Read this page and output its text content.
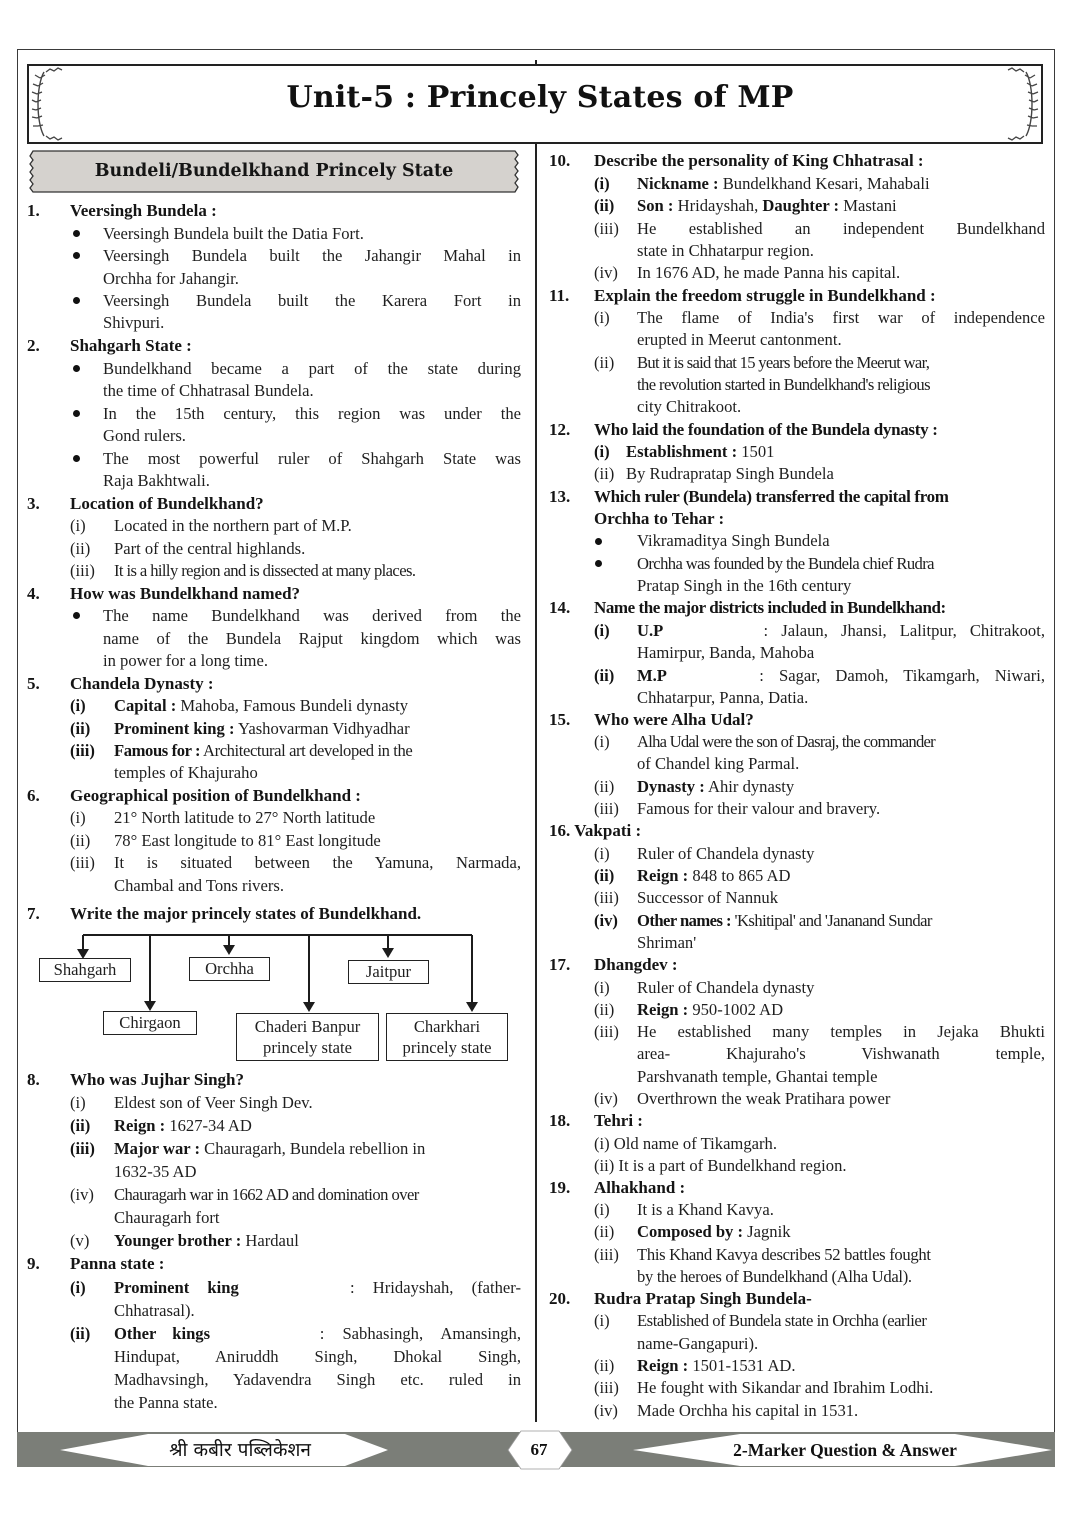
Unit-5 : Princely States of MP
Bundeli/Bundelkhand Princely State
1. Veersingh Bundela :
Veersingh Bundela built the Datia Fort.
Veersingh Bundela built the Jahangir Mahal in
Orchha for Jahangir.
Veersingh Bundela built the Karera Fort in
Shivpuri.
2. Shahgarh State :
Bundelkhand became a part of the state during
the time of Chhatrasal Bundela.
In the 15th century, this region was under the
Gond rulers.
The most powerful ruler of Shahgarh State was
Raja Bakhtwali.
3. Location of Bundelkhand?
(i) Located in the northern part of M.P.
(ii) Part of the central highlands.
(iii) It is a hilly region and is dissected at many places.
4. How was Bundelkhand named?
The name Bundelkhand was derived from the
name of the Bundela Rajput kingdom which was
in power for a long time.
5. Chandela Dynasty :
(i) Capital : Mahoba, Famous Bundeli dynasty
(ii) Prominent king : Yashovarman Vidhyadhar
(iii) Famous for : Architectural art developed in the
temples of Khajuraho
6. Geographical position of Bundelkhand :
(i) 21° North latitude to 27° North latitude
(ii) 78° East longitude to 81° East longitude
(iii) It is situated between the Yamuna, Narmada,
Chambal and Tons rivers.
7. Write the major princely states of Bundelkhand.
Shahgarh	Orchha	Jaitpur
Chirgaon	Chaderi Banpur
princely state
Charkhari
princely state
8. Who was Jujhar Singh?
(i) Eldest son of Veer Singh Dev.
(ii) Reign : 1627-34 AD
(iii) Major war : Chauragarh, Bundela rebellion in
1632-35 AD
(iv) Chauragarh war in 1662 AD and domination over
Chauragarh fort
(v) Younger brother : Hardaul
9. Panna state :
(i) Prominent king	: Hridayshah, (father-
Chhatrasal).
(ii) Other kings	: Sabhasingh, Amansingh,
Hindupat, Aniruddh Singh, Dhokal Singh,
Madhavsingh, Yadavendra Singh etc. ruled in
the Panna state.
10. Describe the personality of King Chhatrasal :
(i) Nickname : Bundelkhand Kesari, Mahabali
(ii) Son : Hridayshah, Daughter : Mastani
(iii) He established an independent Bundelkhand
state in Chhatarpur region.
(iv) In 1676 AD, he made Panna his capital.
11. Explain the freedom struggle in Bundelkhand :
(i) The flame of India's first war of independence
erupted in Meerut cantonment.
(ii) But it is said that 15 years before the Meerut war,
the revolution started in Bundelkhand's religious
city Chitrakoot.
12. Who laid the foundation of the Bundela dynasty :
(i) Establishment : 1501
(ii) By Rudrapratap Singh Bundela
13. Which ruler (Bundela) transferred the capital from
Orchha to Tehar :
Vikramaditya Singh Bundela
Orchha was founded by the Bundela chief Rudra
Pratap Singh in the 16th century
14. Name the major districts included in Bundelkhand:
(i) U.P	: Jalaun, Jhansi, Lalitpur, Chitrakoot,
Hamirpur, Banda, Mahoba
(ii) M.P	: Sagar, Damoh, Tikamgarh, Niwari,
Chhatarpur, Panna, Datia.
15. Who were Alha Udal?
(i) Alha Udal were the son of Dasraj, the commander
of Chandel king Parmal.
(ii) Dynasty : Ahir dynasty
(iii) Famous for their valour and bravery.
16. Vakpati :
(i) Ruler of Chandela dynasty
(ii) Reign : 848 to 865 AD
(iii) Successor of Nannuk
(iv) Other names : 'Kshitipal' and 'Jananand Sundar
Shriman'
17. Dhangdev :
(i) Ruler of Chandela dynasty
(ii) Reign : 950-1002 AD
(iii) He established many temples in Jejaka Bhukti
area- Khajuraho's Vishwanath temple,
Parshvanath temple, Ghantai temple
(iv) Overthrown the weak Pratihara power
18. Tehri :
(i) Old name of Tikamgarh.
(ii) It is a part of Bundelkhand region.
19. Alhakhand :
(i) It is a Khand Kavya.
(ii) Composed by : Jagnik
(iii) This Khand Kavya describes 52 battles fought
by the heroes of Bundelkhand (Alha Udal).
20. Rudra Pratap Singh Bundela-
(i) Established of Bundela state in Orchha (earlier
name-Gangapuri).
(ii) Reign : 1501-1531 AD.
(iii) He fought with Sikandar and Ibrahim Lodhi.
(iv) Made Orchha his capital in 1531.
श्री कबीर पब्लिकेशन	67	2-Marker Question & Answer
